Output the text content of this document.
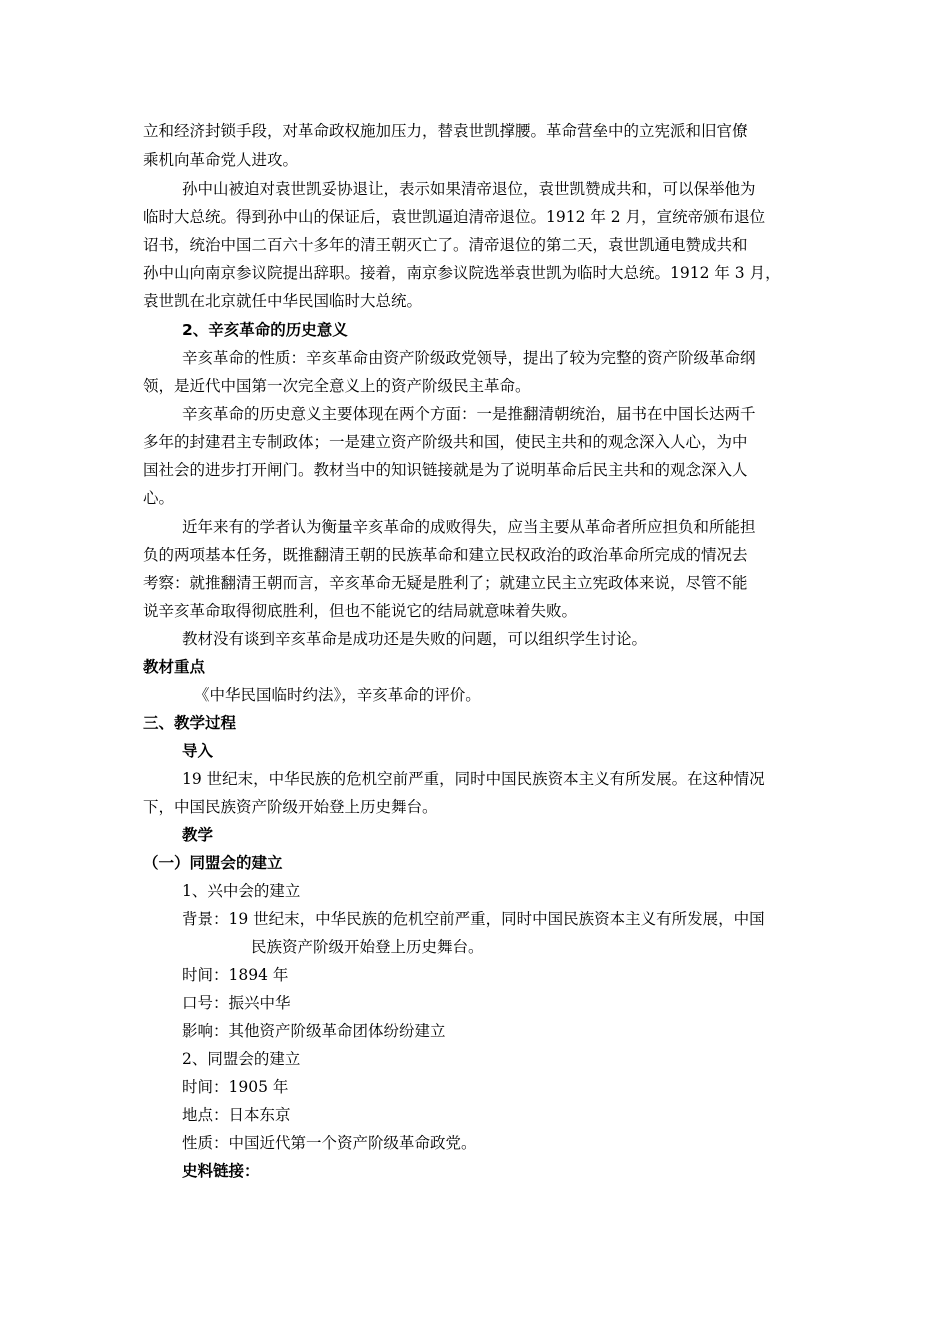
立和经济封锁手段，对革命政权施加压力，替袁世凯撑腰。革命营垒中的立宪派和旧官僚
乘机向革命党人进攻。
孙中山被迫对袁世凯妥协退让，表示如果清帝退位，袁世凯赞成共和，可以保举他为
临时大总统。得到孙中山的保证后，袁世凯逼迫清帝退位。1912 年 2 月，宣统帝颁布退位
诏书，统治中国二百六十多年的清王朝灭亡了。清帝退位的第二天，袁世凯通电赞成共和
孙中山向南京参议院提出辞职。接着，南京参议院选举袁世凯为临时大总统。1912 年 3 月，
袁世凯在北京就任中华民国临时大总统。
2、辛亥革命的历史意义
辛亥革命的性质：辛亥革命由资产阶级政党领导，提出了较为完整的资产阶级革命纲
领，是近代中国第一次完全意义上的资产阶级民主革命。
辛亥革命的历史意义主要体现在两个方面：一是推翻清朝统治，届书在中国长达两千
多年的封建君主专制政体；一是建立资产阶级共和国，使民主共和的观念深入人心，为中
国社会的进步打开闸门。教材当中的知识链接就是为了说明革命后民主共和的观念深入人
心。
近年来有的学者认为衡量辛亥革命的成败得失，应当主要从革命者所应担负和所能担
负的两项基本任务，既推翻清王朝的民族革命和建立民权政治的政治革命所完成的情况去
考察：就推翻清王朝而言，辛亥革命无疑是胜利了；就建立民主立宪政体来说，尽管不能
说辛亥革命取得彻底胜利，但也不能说它的结局就意味着失败。
教材没有谈到辛亥革命是成功还是失败的问题，可以组织学生讨论。
教材重点
《中华民国临时约法》，辛亥革命的评价。
三、教学过程
导入
19 世纪末，中华民族的危机空前严重，同时中国民族资本主义有所发展。在这种情况
下，中国民族资产阶级开始登上历史舞台。
教学
（一）同盟会的建立
1、兴中会的建立
背景：19 世纪末，中华民族的危机空前严重，同时中国民族资本主义有所发展，中国
民族资产阶级开始登上历史舞台。
时间：1894 年
口号：振兴中华
影响：其他资产阶级革命团体纷纷建立
2、同盟会的建立
时间：1905 年
地点：日本东京
性质：中国近代第一个资产阶级革命政党。
史料链接：
